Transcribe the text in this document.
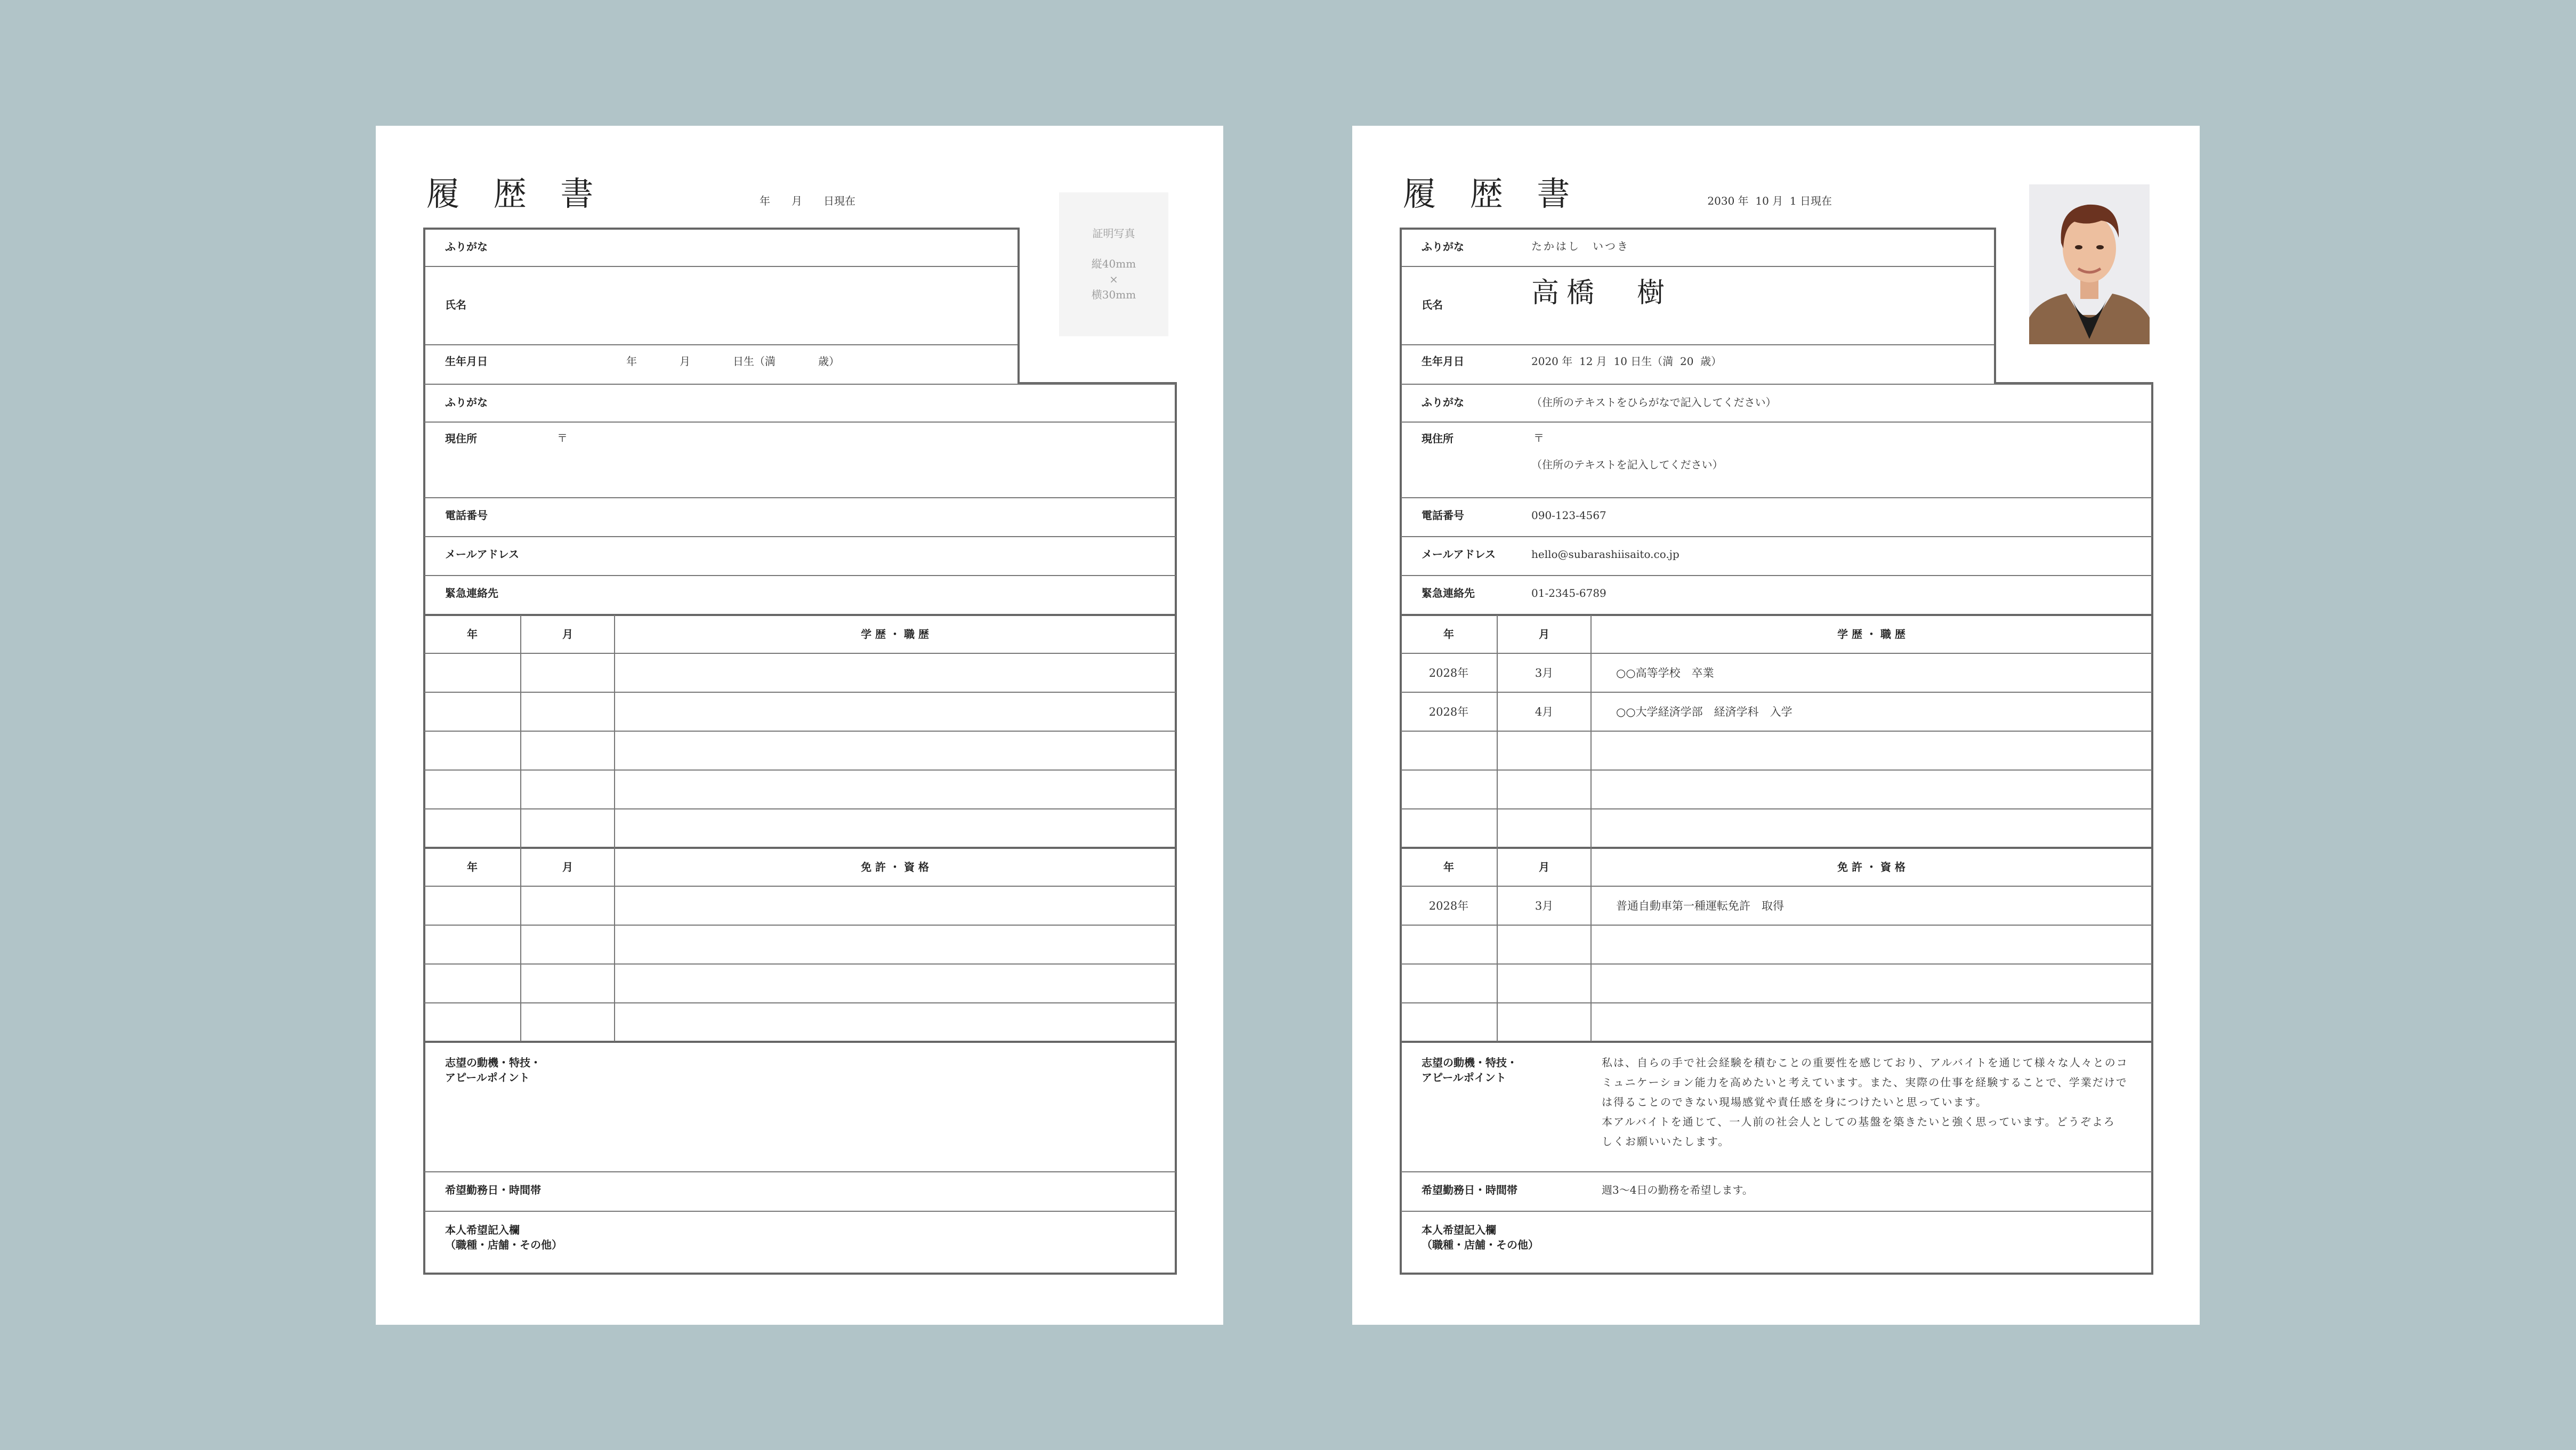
履 歴 書	年　　月　　日現在
証明写真
縦40mm
×
横30mm
ふりがな
氏名
生年月日	年　　　　月　　　　日生（満　　　　歳）
ふりがな
現住所	〒
電話番号
メールアドレス
緊急連絡先
年	月	学 歴 ・ 職 歴
年	月	免 許 ・ 資 格
志望の動機・特技・
アピールポイント
希望勤務日・時間帯
本人希望記入欄
（職種・店舗・その他）
履 歴 書	2030 年  10 月  1 日現在
ふりがな	たかはし　いつき
氏名	高橋　樹
生年月日	2020 年  12 月  10 日生（満  20  歳）
ふりがな	（住所のテキストをひらがなで記入してください）
現住所	〒
（住所のテキストを記入してください）
電話番号	090-123-4567
メールアドレス	hello@subarashiisaito.co.jp
緊急連絡先	01-2345-6789
年	月	学 歴 ・ 職 歴
2028年	3月	○○高等学校　卒業
2028年	4月	○○大学経済学部　経済学科　入学
年	月	免 許 ・ 資 格
2028年	3月	普通自動車第一種運転免許　取得
志望の動機・特技・
アピールポイント
私は、自らの手で社会経験を積むことの重要性を感じており、アルバイトを通じて様々な人々とのコ
ミュニケーション能力を高めたいと考えています。また、実際の仕事を経験することで、学業だけで
は得ることのできない現場感覚や責任感を身につけたいと思っています。
本アルバイトを通じて、一人前の社会人としての基盤を築きたいと強く思っています。どうぞよろ
しくお願いいたします。
希望勤務日・時間帯	週3〜4日の勤務を希望します。
本人希望記入欄
（職種・店舗・その他）
